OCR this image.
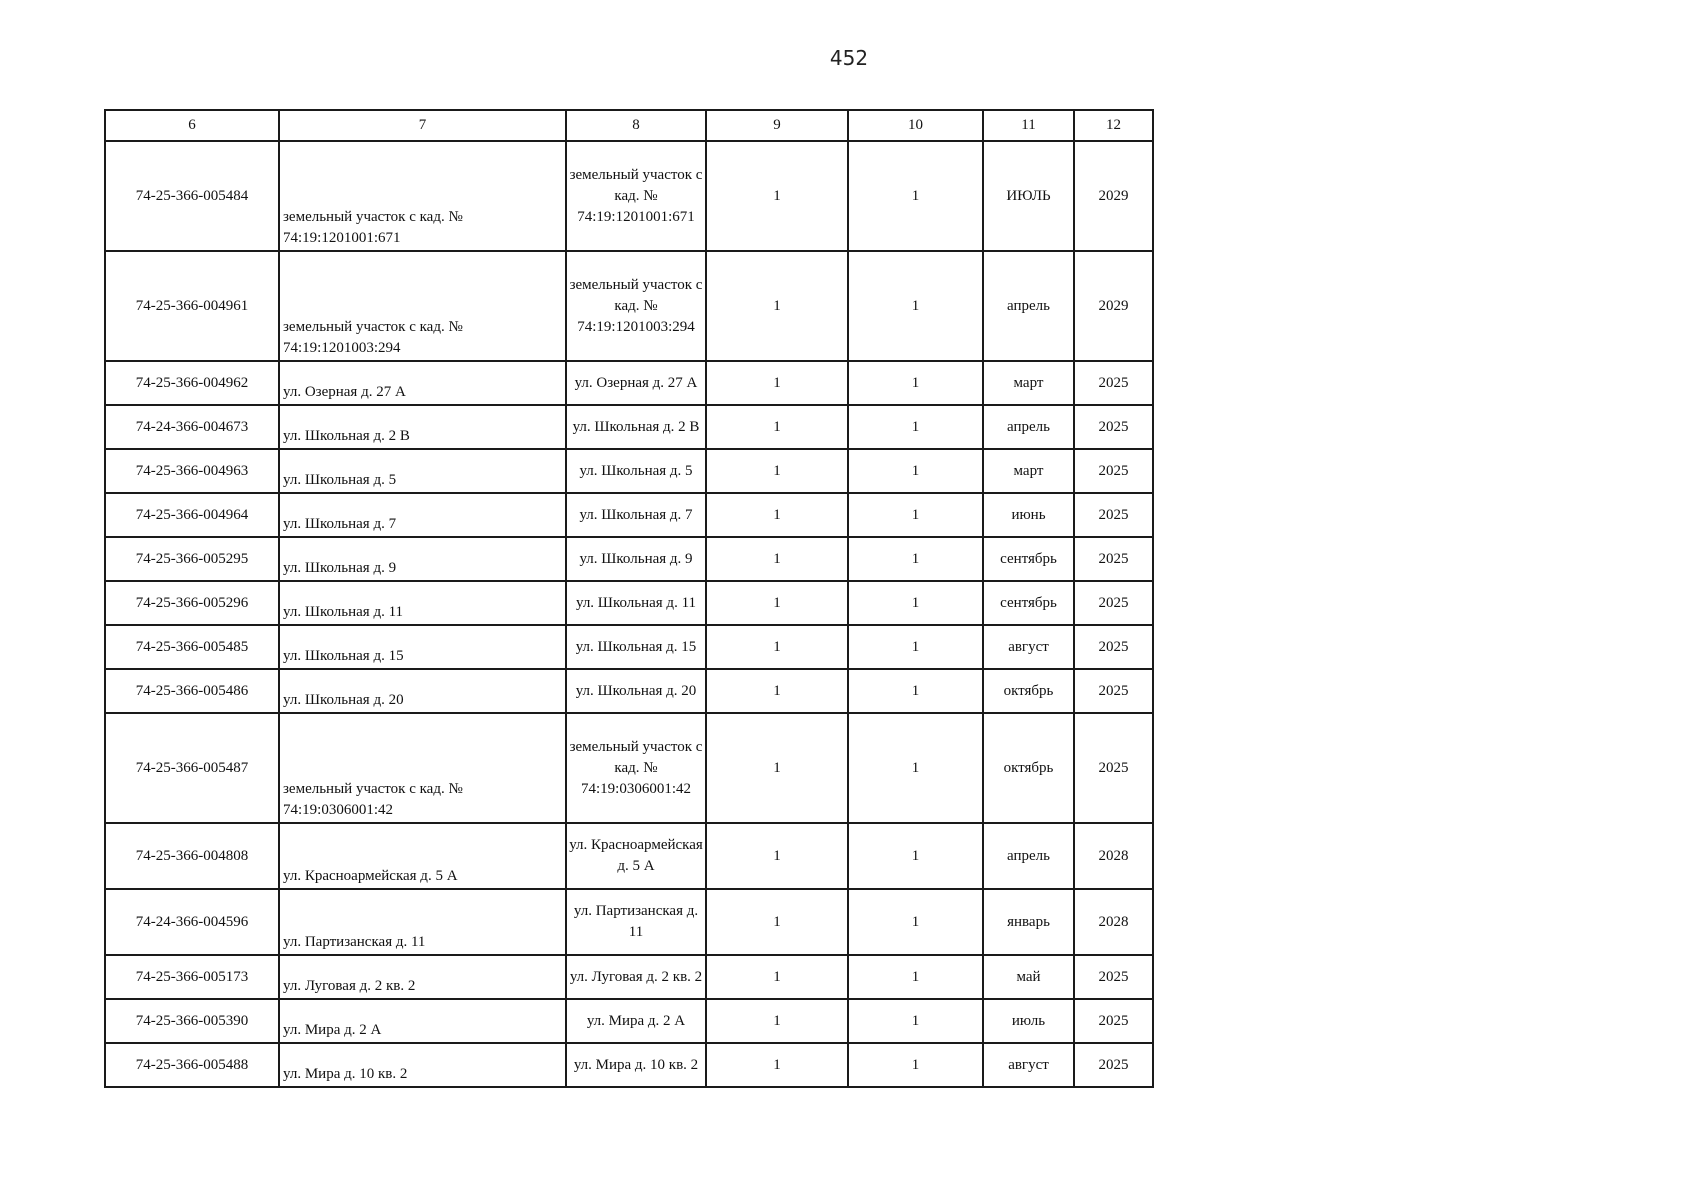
452
6	7	8	9	10	11	12
74-25-366-005484	земельный участок с кад. № 74:19:1201001:671	земельный участок с кад. № 74:19:1201001:671	1	1	ИЮЛЬ	2029
74-25-366-004961	земельный участок с кад. № 74:19:1201003:294	земельный участок с кад. № 74:19:1201003:294	1	1	апрель	2029
74-25-366-004962	ул. Озерная д. 27 А	ул. Озерная д. 27 А	1	1	март	2025
74-24-366-004673	ул. Школьная д. 2 В	ул. Школьная д. 2 В	1	1	апрель	2025
74-25-366-004963	ул. Школьная д. 5	ул. Школьная д. 5	1	1	март	2025
74-25-366-004964	ул. Школьная д. 7	ул. Школьная д. 7	1	1	июнь	2025
74-25-366-005295	ул. Школьная д. 9	ул. Школьная д. 9	1	1	сентябрь	2025
74-25-366-005296	ул. Школьная д. 11	ул. Школьная д. 11	1	1	сентябрь	2025
74-25-366-005485	ул. Школьная д. 15	ул. Школьная д. 15	1	1	август	2025
74-25-366-005486	ул. Школьная д. 20	ул. Школьная д. 20	1	1	октябрь	2025
74-25-366-005487	земельный участок с кад. № 74:19:0306001:42	земельный участок с кад. № 74:19:0306001:42	1	1	октябрь	2025
74-25-366-004808	ул. Красноармейская д. 5 А	ул. Красноармейская д. 5 А	1	1	апрель	2028
74-24-366-004596	ул. Партизанская д. 11	ул. Партизанская д. 11	1	1	январь	2028
74-25-366-005173	ул. Луговая д. 2 кв. 2	ул. Луговая д. 2 кв. 2	1	1	май	2025
74-25-366-005390	ул. Мира д. 2 А	ул. Мира д. 2 А	1	1	июль	2025
74-25-366-005488	ул. Мира д. 10 кв. 2	ул. Мира д. 10 кв. 2	1	1	август	2025
